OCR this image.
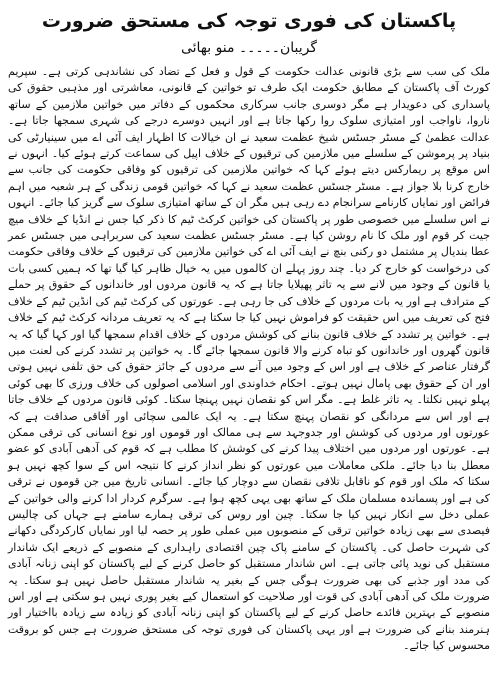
پاکستان کی فوری توجہ کی مستحق ضرورت
گریبان۔۔۔۔۔ منو بھائی

ملک کی سب سے بڑی قانونی عدالت حکومت کے قول و فعل کے تضاد کی نشاندہی کرتی ہے۔ سپریم کورٹ آف پاکستان کے مطابق حکومت ایک طرف تو خواتین کے قانونی، معاشرتی اور مذہبی حقوق کی پاسداری کی دعویدار ہے مگر دوسری جانب سرکاری محکموں کے دفاتر میں خواتین ملازمین کے ساتھ ناروا، ناواجب اور امتیازی سلوک روا رکھا جاتا ہے اور انہیں دوسرے درجے کی شہری سمجھا جاتا ہے۔ عدالت عظمیٰ کے مسٹر جسٹس شیخ عظمت سعید نے ان خیالات کا اظہار ایف آئی اے میں سینیارٹی کی بنیاد پر پرموشن کے سلسلے میں ملازمین کی ترقیوں کے خلاف اپیل کی سماعت کرتے ہوئے کیا۔ انہوں نے اس موقع پر ریمارکس دیتے ہوئے کہا کہ خواتین ملازمین کی ترقیوں کو وفاقی حکومت کی جانب سے خارج کرنا بلا جواز ہے۔ مسٹر جسٹس عظمت سعید نے کہا کہ خواتین قومی زندگی کے ہر شعبہ میں اہم فرائض اور نمایاں کارنامے سرانجام دے رہی ہیں مگر ان کے ساتھ امتیازی سلوک سے گریز کیا جائے۔ انہوں نے اس سلسلے میں خصوصی طور پر پاکستان کی خواتین کرکٹ ٹیم کا ذکر کیا جس نے انڈیا کے خلاف میچ جیت کر قوم اور ملک کا نام روشن کیا ہے۔ مسٹر جسٹس عظمت سعید کی سربراہی میں جسٹس عمر عطا بندیال پر مشتمل دو رکنی بنچ نے ایف آئی اے کی خواتین ملازمین کی ترقیوں کے خلاف وفاقی حکومت کی درخواست کو خارج کر دیا۔ چند روز پہلے ان کالموں میں یہ خیال ظاہر کیا گیا تھا کہ ہمیں کسی بات یا قانون کے وجود میں لانے سے یہ تاثر پھیلایا جاتا ہے کہ یہ قانون مردوں اور خاندانوں کے حقوق پر حملے کے مترادف ہے اور یہ بات مردوں کے خلاف کی جا رہی ہے۔ عورتوں کی کرکٹ ٹیم کی انڈین ٹیم کے خلاف فتح کی تعریف میں اس حقیقت کو فراموش نہیں کیا جا سکتا ہے کہ یہ تعریف مردانہ کرکٹ ٹیم کے خلاف ہے۔ خواتین پر تشدد کے خلاف قانون بنانے کی کوشش مردوں کے خلاف اقدام سمجھا گیا اور کہا گیا کہ یہ قانون گھروں اور خاندانوں کو تباہ کرنے والا قانون سمجھا جائے گا۔ یہ خواتین پر تشدد کرنے کی لعنت میں گرفتار عناصر کے خلاف ہے اور اس کے وجود میں آنے سے مردوں کے جائز حقوق کی حق تلفی نہیں ہوتی اور ان کے حقوق بھی پامال نہیں ہوتے۔ احکام خداوندی اور اسلامی اصولوں کی خلاف ورزی کا بھی کوئی پہلو نہیں نکلتا۔ یہ تاثر غلط ہے۔ مگر اس کو نقصان نہیں پہنچا سکتا۔ کوئی قانون مردوں کے خلاف جاتا ہے اور اس سے مردانگی کو نقصان پہنچ سکتا ہے۔ یہ ایک عالمی سچائی اور آفاقی صداقت ہے کہ عورتوں اور مردوں کی کوشش اور جدوجہد سے ہی ممالک اور قوموں اور نوع انسانی کی ترقی ممکن ہے۔ عورتوں اور مردوں میں اختلاف پیدا کرنے کی کوشش کا مطلب ہے کہ قوم کی آدھی آبادی کو عضو معطل بنا دیا جائے۔ ملکی معاملات میں عورتوں کو نظر انداز کرنے کا نتیجہ اس کے سوا کچھ نہیں ہو سکتا کہ ملک اور قوم کو ناقابل تلافی نقصان سے دوچار کیا جائے۔ انسانی تاریخ میں جن قوموں نے ترقی کی ہے اور پسماندہ مسلمان ملک کے ساتھ بھی یہی کچھ ہوا ہے۔ سرگرم کردار ادا کرنے والی خواتین کے عملی دخل سے انکار نہیں کیا جا سکتا۔ چین اور روس کی ترقی ہمارے سامنے ہے جہاں کی چالیس فیصدی سے بھی زیادہ خواتین ترقی کے منصوبوں میں عملی طور پر حصہ لیا اور نمایاں کارکردگی دکھانے کی شہرت حاصل کی۔ پاکستان کے سامنے پاک چین اقتصادی راہداری کے منصوبے کے ذریعے ایک شاندار مستقبل کی نوید پائی جاتی ہے۔ اس شاندار مستقبل کو حاصل کرنے کے لیے پاکستان کو اپنی زنانہ آبادی کی مدد اور جذبے کی بھی ضرورت ہوگی جس کے بغیر یہ شاندار مستقبل حاصل نہیں ہو سکتا۔ یہ ضرورت ملک کی آدھی آبادی کی قوت اور صلاحیت کو استعمال کیے بغیر پوری نہیں ہو سکتی ہے اور اس منصوبے کے بہترین فائدے حاصل کرنے کے لیے پاکستان کو اپنی زنانہ آبادی کو زیادہ سے زیادہ بااختیار اور ہنرمند بنانے کی ضرورت ہے اور یہی پاکستان کی فوری توجہ کی مستحق ضرورت ہے جس کو بروقت محسوس کیا جائے۔
